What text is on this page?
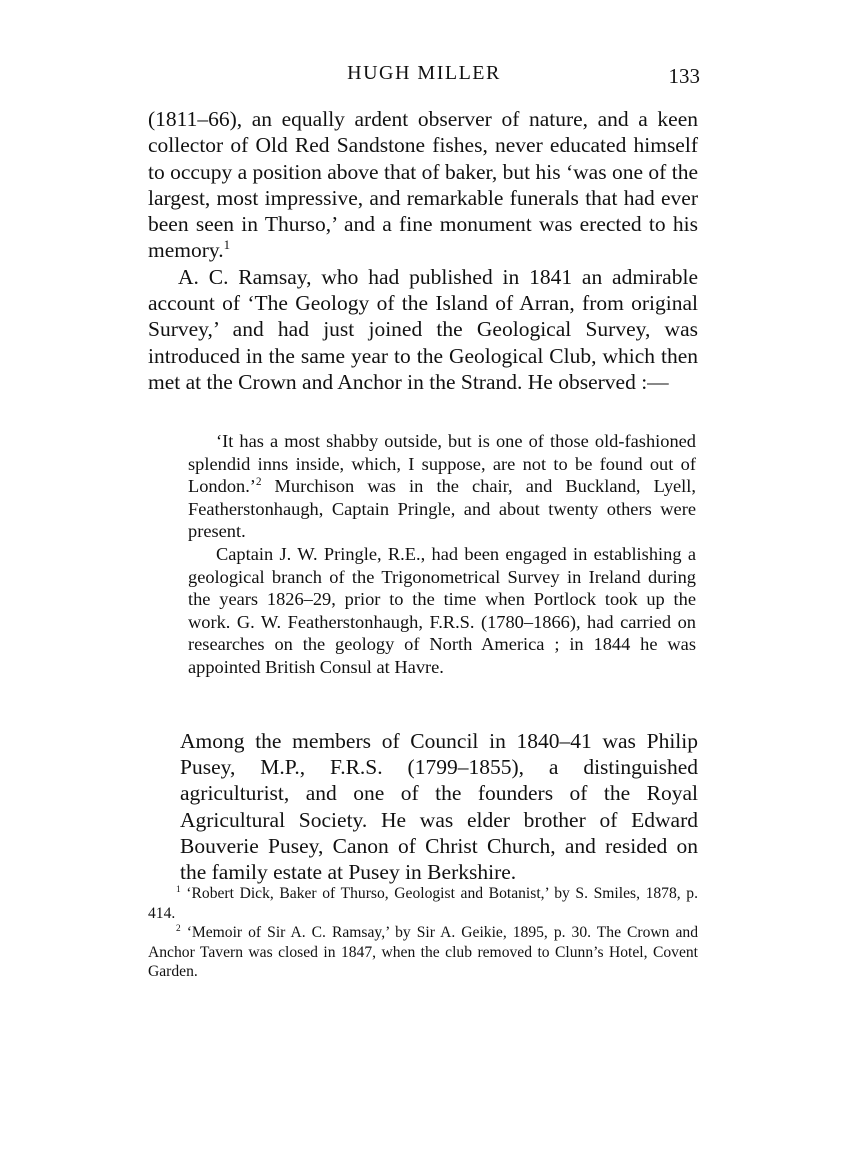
HUGH MILLER	133

(1811–66), an equally ardent observer of nature, and a keen collector of Old Red Sandstone fishes, never educated himself to occupy a position above that of baker, but his ‘was one of the largest, most impressive, and remarkable funerals that had ever been seen in Thurso,’ and a fine monument was erected to his memory.$^1$

A. C. Ramsay, who had published in 1841 an admirable account of ‘The Geology of the Island of Arran, from original Survey,’ and had just joined the Geological Survey, was introduced in the same year to the Geological Club, which then met at the Crown and Anchor in the Strand. He observed :—

‘It has a most shabby outside, but is one of those old-fashioned splendid inns inside, which, I suppose, are not to be found out of London.’$^2$ Murchison was in the chair, and Buckland, Lyell, Featherstonhaugh, Captain Pringle, and about twenty others were present.

Captain J. W. Pringle, R.E., had been engaged in establishing a geological branch of the Trigonometrical Survey in Ireland during the years 1826–29, prior to the time when Portlock took up the work. G. W. Featherstonhaugh, F.R.S. (1780–1866), had carried on researches on the geology of North America ; in 1844 he was appointed British Consul at Havre.

Among the members of Council in 1840–41 was Philip Pusey, M.P., F.R.S. (1799–1855), a distinguished agriculturist, and one of the founders of the Royal Agricultural Society. He was elder brother of Edward Bouverie Pusey, Canon of Christ Church, and resided on the family estate at Pusey in Berkshire.

$^1$ ‘Robert Dick, Baker of Thurso, Geologist and Botanist,’ by S. Smiles, 1878, p. 414.

$^2$ ‘Memoir of Sir A. C. Ramsay,’ by Sir A. Geikie, 1895, p. 30. The Crown and Anchor Tavern was closed in 1847, when the club removed to Clunn’s Hotel, Covent Garden.
